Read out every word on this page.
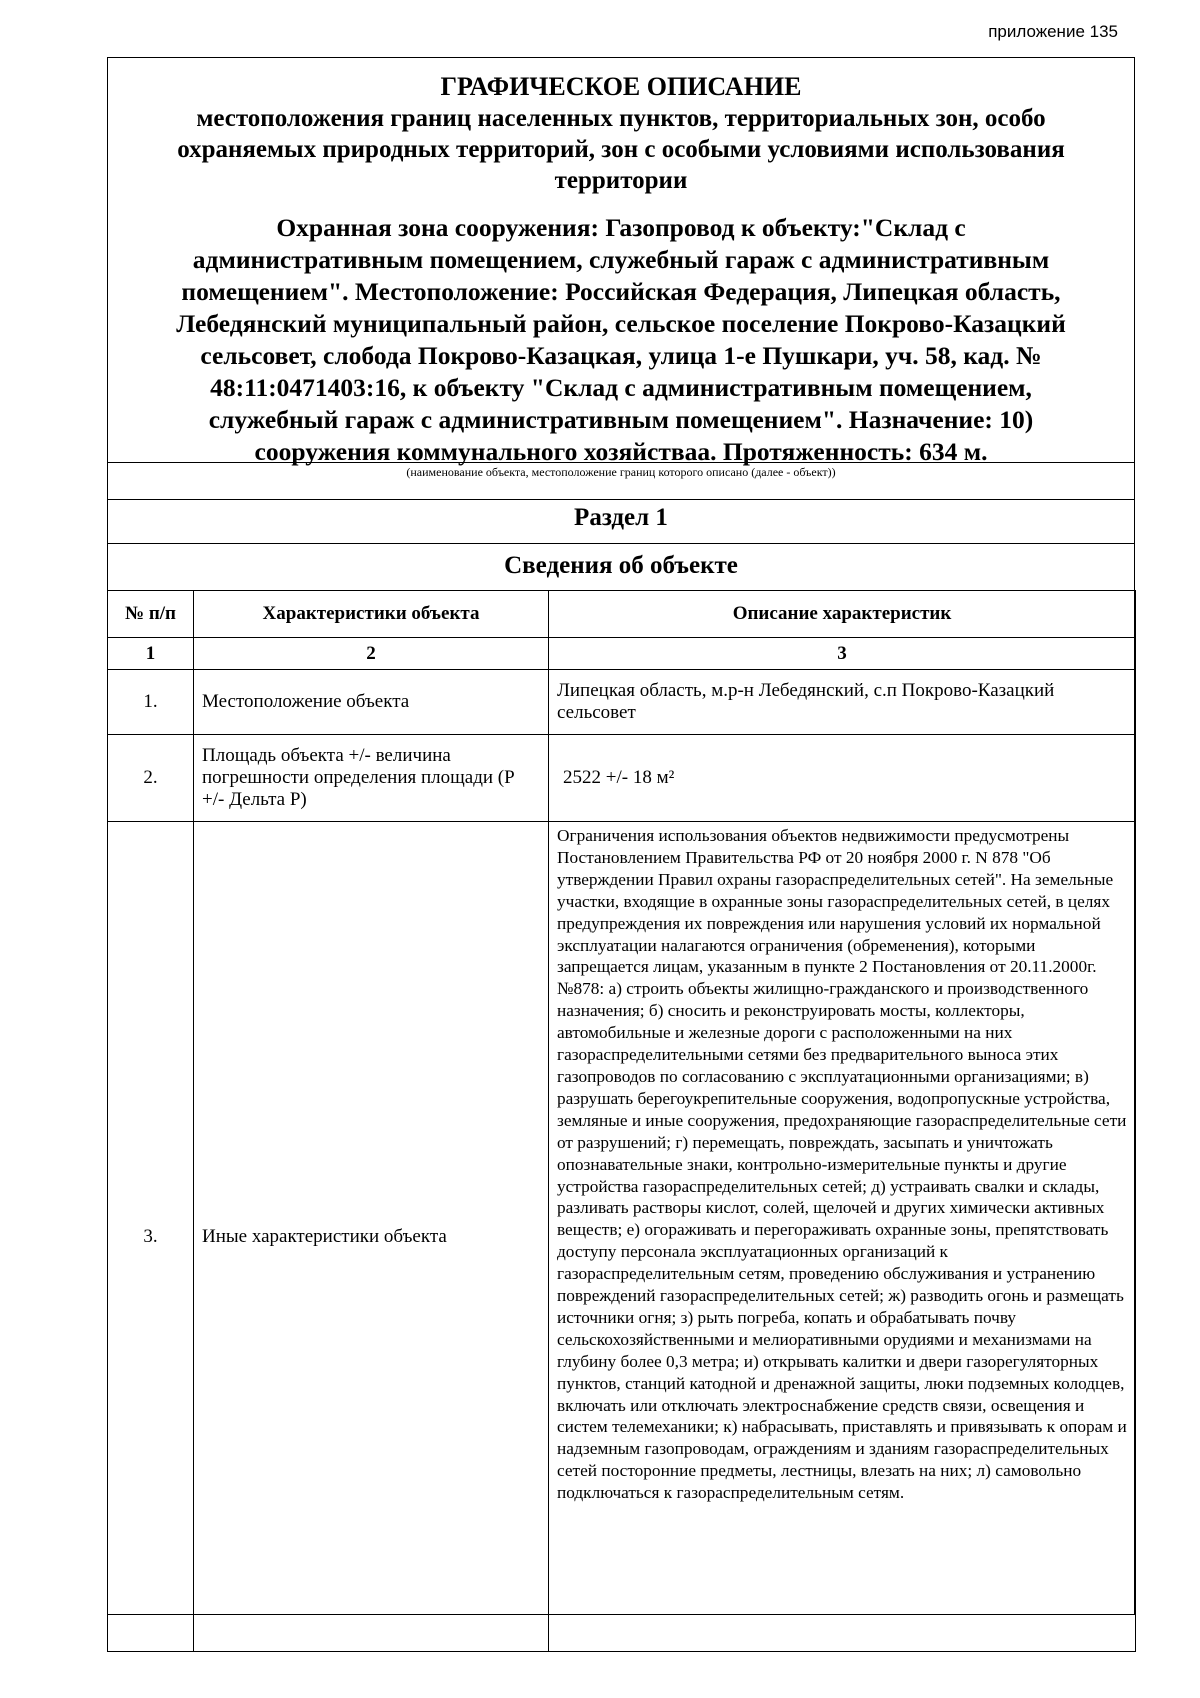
приложение 135
ГРАФИЧЕСКОЕ ОПИСАНИЕ
местоположения границ населенных пунктов, территориальных зон, особо охраняемых природных территорий, зон с особыми условиями использования территории
Охранная зона сооружения: Газопровод к объекту:"Склад с административным помещением, служебный гараж с административным помещением". Местоположение: Российская Федерация, Липецкая область, Лебедянский муниципальный район, сельское поселение Покрово-Казацкий сельсовет, слобода Покрово-Казацкая, улица 1-е Пушкари, уч. 58, кад. № 48:11:0471403:16, к объекту "Склад с административным помещением, служебный гараж с административным помещением". Назначение: 10) сооружения коммунального хозяйстваа. Протяженность: 634 м.
(наименование объекта, местоположение границ которого описано (далее - объект))
Раздел 1
Сведения об объекте
№ п/п	Характеристики объекта	Описание характеристик
1	2	3
1.	Местоположение объекта	Липецкая область, м.р-н Лебедянский, с.п Покрово-Казацкий сельсовет
2.	Площадь объекта +/- величина погрешности определения площади (Р +/- Дельта Р)	2522 +/- 18 м²
3.	Иные характеристики объекта	Ограничения использования объектов недвижимости предусмотрены Постановлением Правительства РФ от 20 ноября 2000 г. N 878 "Об утверждении Правил охраны газораспределительных сетей". На земельные участки, входящие в охранные зоны газораспределительных сетей, в целях предупреждения их повреждения или нарушения условий их нормальной эксплуатации налагаются ограничения (обременения), которыми запрещается лицам, указанным в пункте 2 Постановления от 20.11.2000г. №878: а) строить объекты жилищно-гражданского и производственного назначения; б) сносить и реконструировать мосты, коллекторы, автомобильные и железные дороги с расположенными на них газораспределительными сетями без предварительного выноса этих газопроводов по согласованию с эксплуатационными организациями; в) разрушать берегоукрепительные сооружения, водопропускные устройства, земляные и иные сооружения, предохраняющие газораспределительные сети от разрушений; г) перемещать, повреждать, засыпать и уничтожать опознавательные знаки, контрольно-измерительные пункты и другие устройства газораспределительных сетей; д) устраивать свалки и склады, разливать растворы кислот, солей, щелочей и других химически активных веществ; е) огораживать и перегораживать охранные зоны, препятствовать доступу персонала эксплуатационных организаций к газораспределительным сетям, проведению обслуживания и устранению повреждений газораспределительных сетей; ж) разводить огонь и размещать источники огня; з) рыть погреба, копать и обрабатывать почву сельскохозяйственными и мелиоративными орудиями и механизмами на глубину более 0,3 метра; и) открывать калитки и двери газорегуляторных пунктов, станций катодной и дренажной защиты, люки подземных колодцев, включать или отключать электроснабжение средств связи, освещения и систем телемеханики; к) набрасывать, приставлять и привязывать к опорам и надземным газопроводам, ограждениям и зданиям газораспределительных сетей посторонние предметы, лестницы, влезать на них; л) самовольно подключаться к газораспределительным сетям.
